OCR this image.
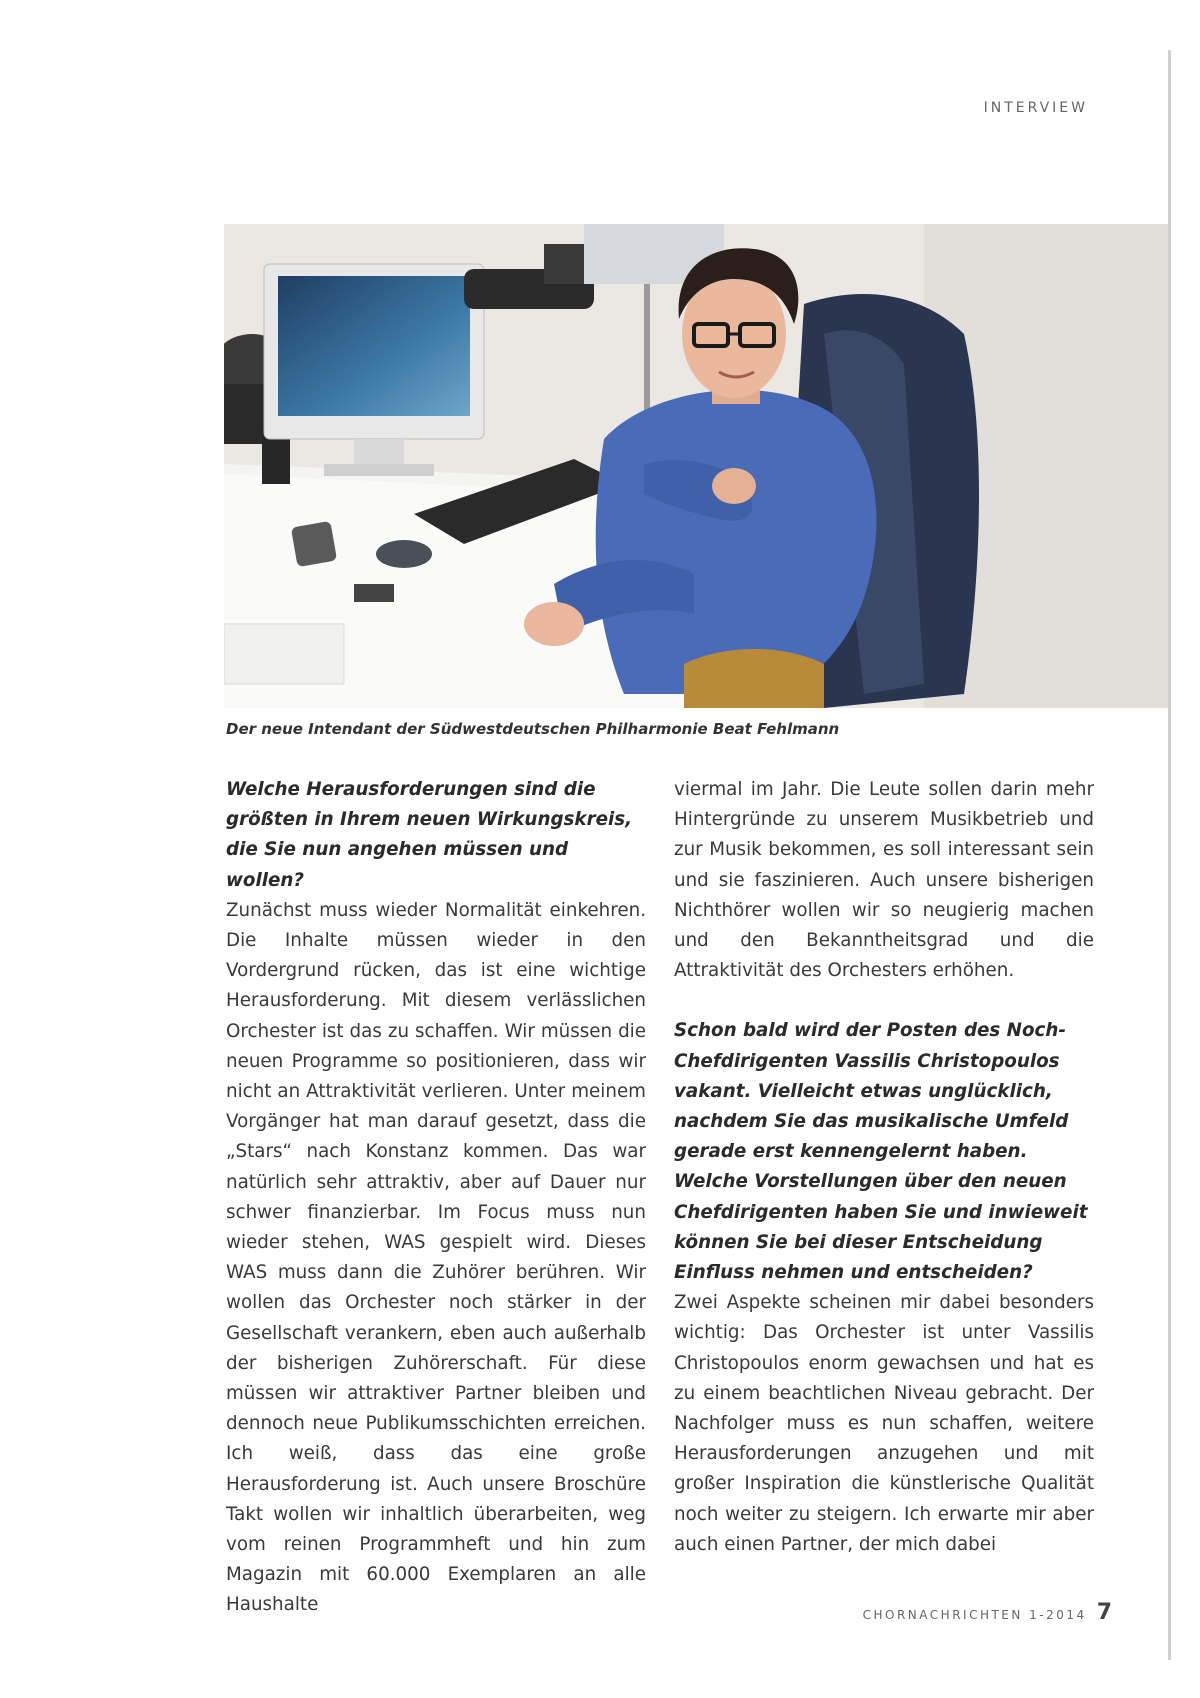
INTERVIEW
Der neue Intendant der Südwestdeutschen Philharmonie Beat Fehlmann
Welche Herausforderungen sind die größten in Ihrem neuen Wirkungskreis, die Sie nun angehen müssen und wollen?
Zunächst muss wieder Normalität einkehren. Die Inhalte müssen wieder in den Vordergrund rücken, das ist eine wichtige Herausforderung. Mit diesem verlässlichen Orchester ist das zu schaffen. Wir müssen die neuen Programme so positionieren, dass wir nicht an Attraktivität verlieren. Unter meinem Vorgänger hat man darauf gesetzt, dass die „Stars“ nach Konstanz kommen. Das war natürlich sehr attraktiv, aber auf Dauer nur schwer finanzierbar. Im Focus muss nun wieder stehen, WAS gespielt wird. Dieses WAS muss dann die Zuhörer berühren. Wir wollen das Orchester noch stärker in der Gesellschaft verankern, eben auch außerhalb der bisherigen Zuhörerschaft. Für diese müssen wir attraktiver Partner bleiben und dennoch neue Publikumsschichten erreichen. Ich weiß, dass das eine große Herausforderung ist. Auch unsere Broschüre Takt wollen wir inhaltlich überarbeiten, weg vom reinen Programmheft und hin zum Magazin mit 60.000 Exemplaren an alle Haushalte
viermal im Jahr. Die Leute sollen darin mehr Hintergründe zu unserem Musikbetrieb und zur Musik bekommen, es soll interessant sein und sie faszinieren. Auch unsere bisherigen Nichthörer wollen wir so neugierig machen und den Bekanntheitsgrad und die Attraktivität des Orchesters erhöhen.
Schon bald wird der Posten des Noch-Chefdirigenten Vassilis Christopoulos vakant. Vielleicht etwas unglücklich, nachdem Sie das musikalische Umfeld gerade erst kennengelernt haben. Welche Vorstellungen über den neuen Chefdirigenten haben Sie und inwieweit können Sie bei dieser Entscheidung Einfluss nehmen und entscheiden?
Zwei Aspekte scheinen mir dabei besonders wichtig: Das Orchester ist unter Vassilis Christopoulos enorm gewachsen und hat es zu einem beachtlichen Niveau gebracht. Der Nachfolger muss es nun schaffen, weitere Herausforderungen anzugehen und mit großer Inspiration die künstlerische Qualität noch weiter zu steigern. Ich erwarte mir aber auch einen Partner, der mich dabei
CHORNACHRICHTEN 1-2014 7
